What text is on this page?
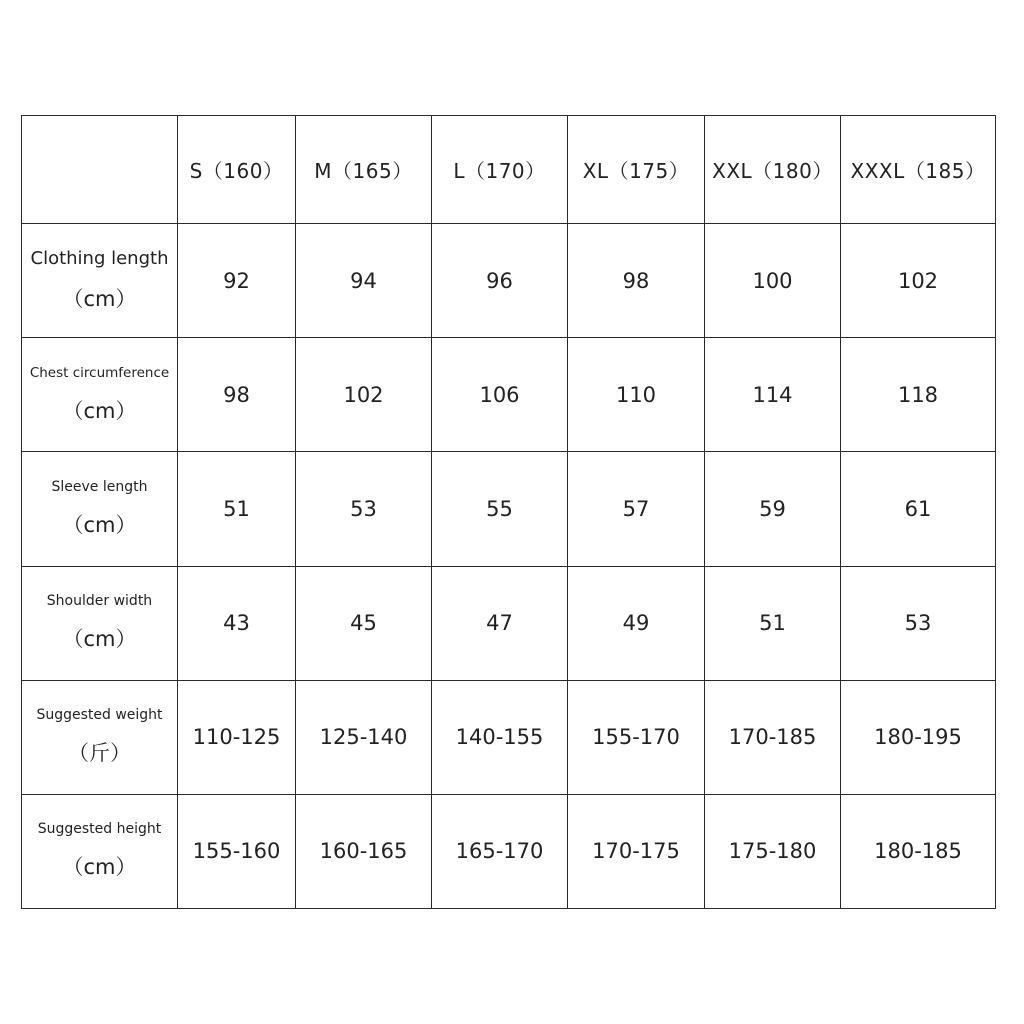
	S（160）	M（165）	L（170）	XL（175）	XXL（180）	XXXL（185）

Clothing length
（cm）	92	94	96	98	100	102

Chest circumference
（cm）	98	102	106	110	114	118

Sleeve length
（cm）	51	53	55	57	59	61

Shoulder width
（cm）	43	45	47	49	51	53

Suggested weight
（斤）	110-125	125-140	140-155	155-170	170-185	180-195

Suggested height
（cm）	155-160	160-165	165-170	170-175	175-180	180-185
